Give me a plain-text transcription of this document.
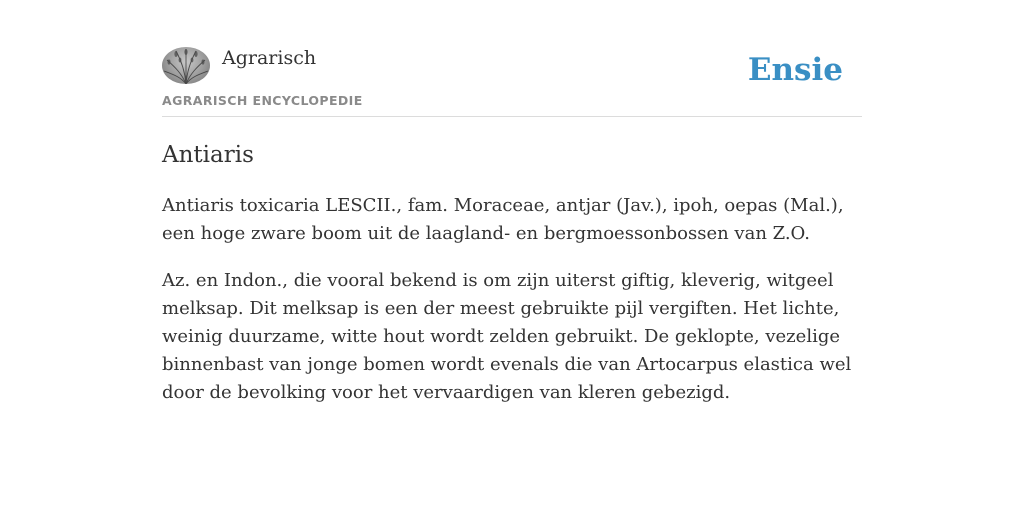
Agrarisch
AGRARISCH ENCYCLOPEDIE
Ensie
Antiaris

Antiaris toxicaria LESCII., fam. Moraceae, antjar (Jav.), ipoh, oepas (Mal.), een hoge zware boom uit de laagland- en bergmoessonbossen van Z.O.

Az. en Indon., die vooral bekend is om zijn uiterst giftig, kleverig, witgeel melksap. Dit melksap is een der meest gebruikte pijl vergiften. Het lichte, weinig duurzame, witte hout wordt zelden gebruikt. De geklopte, vezelige binnenbast van jonge bomen wordt evenals die van Artocarpus elastica wel door de bevolking voor het vervaardigen van kleren gebezigd.
